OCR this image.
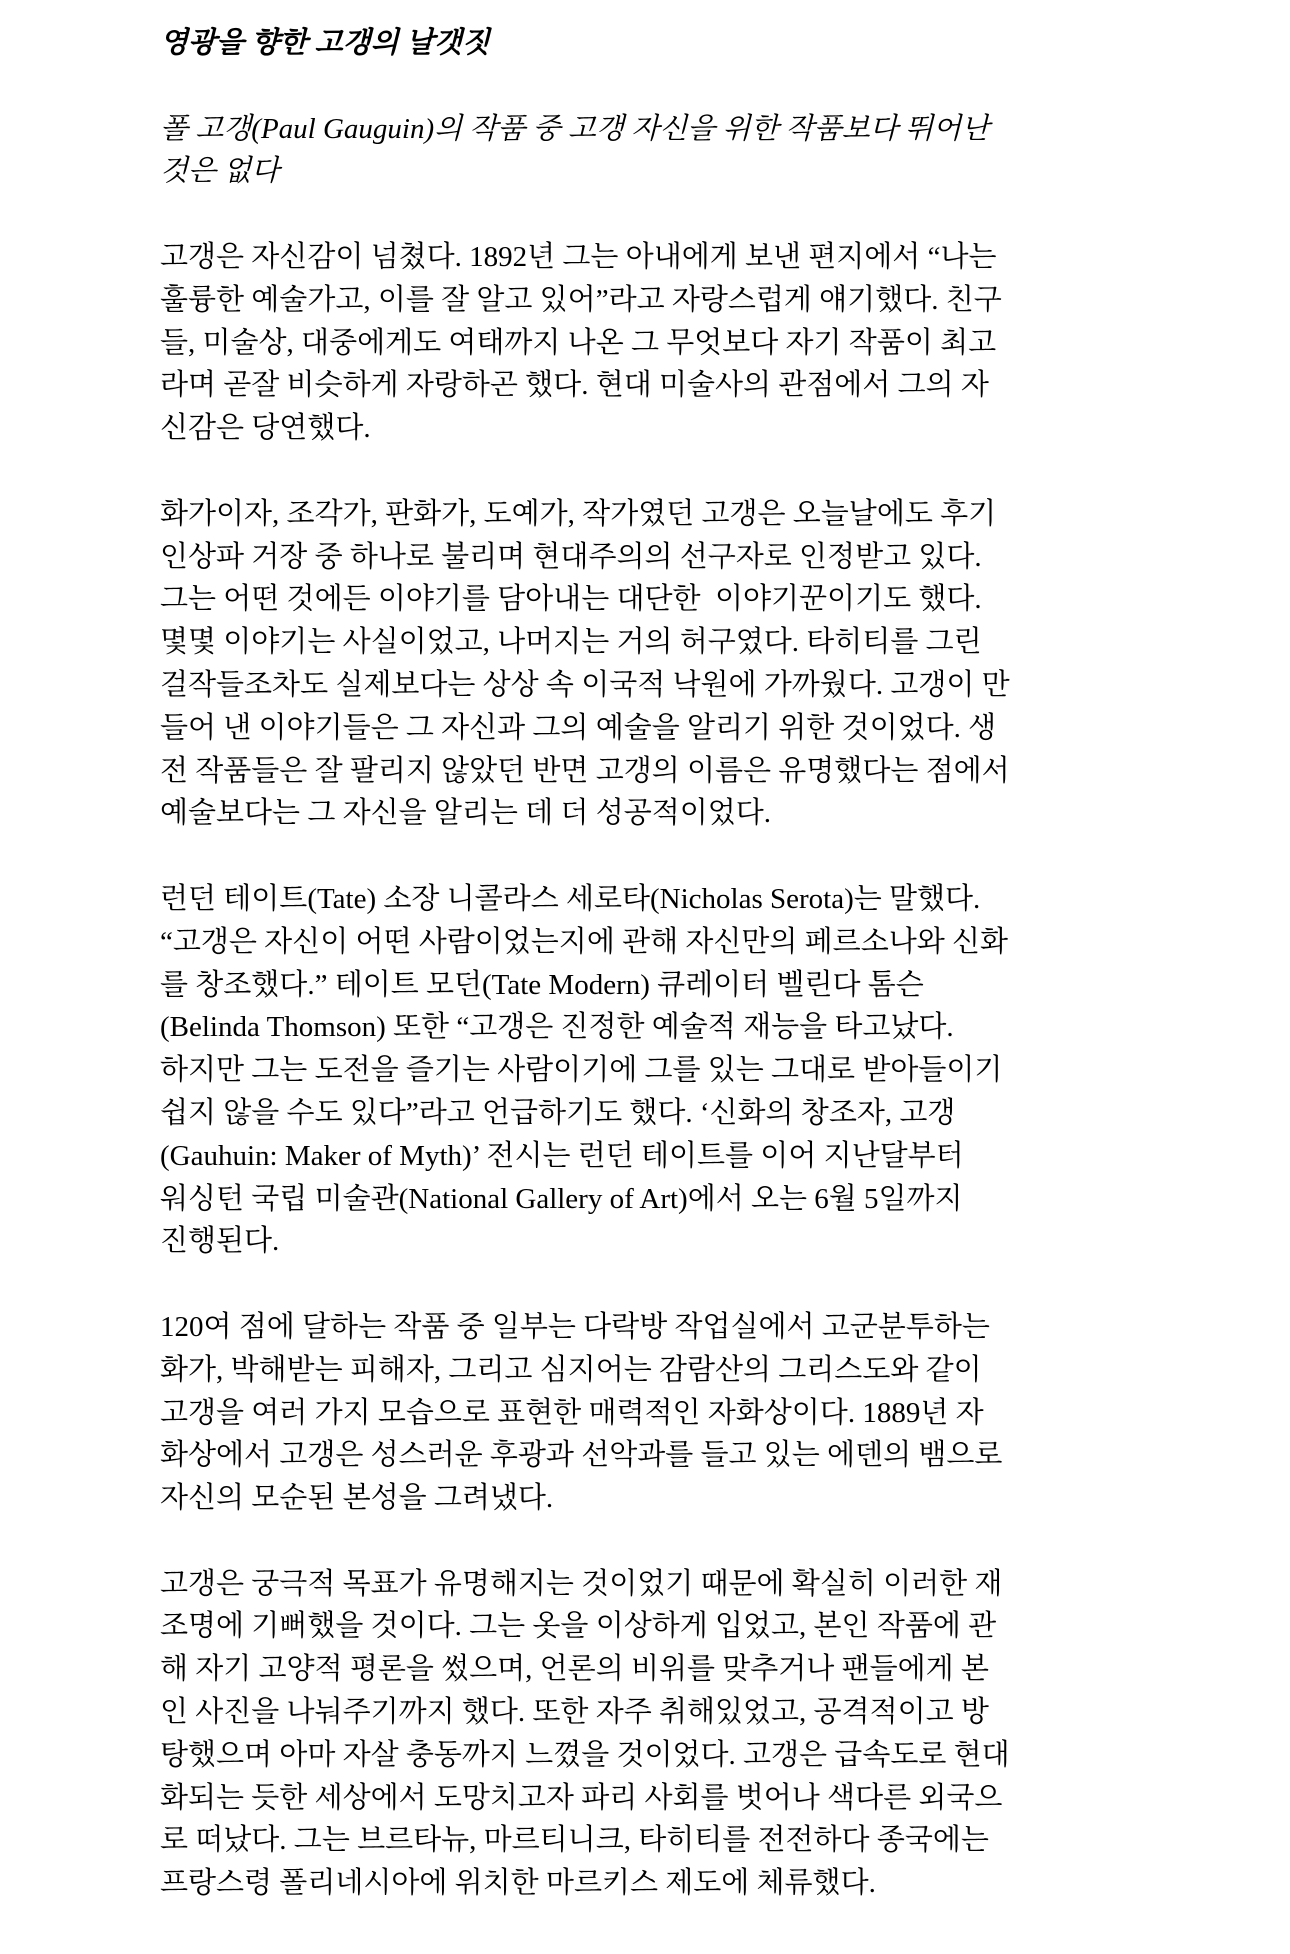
영광을 향한 고갱의 날갯짓
폴 고갱(Paul Gauguin)의 작품 중 고갱 자신을 위한 작품보다 뛰어난
것은 없다
고갱은 자신감이 넘쳤다. 1892년 그는 아내에게 보낸 편지에서 “나는
훌륭한 예술가고, 이를 잘 알고 있어”라고 자랑스럽게 얘기했다. 친구
들, 미술상, 대중에게도 여태까지 나온 그 무엇보다 자기 작품이 최고
라며 곧잘 비슷하게 자랑하곤 했다. 현대 미술사의 관점에서 그의 자
신감은 당연했다.
화가이자, 조각가, 판화가, 도예가, 작가였던 고갱은 오늘날에도 후기
인상파 거장 중 하나로 불리며 현대주의의 선구자로 인정받고 있다.
그는 어떤 것에든 이야기를 담아내는 대단한  이야기꾼이기도 했다.
몇몇 이야기는 사실이었고, 나머지는 거의 허구였다. 타히티를 그린
걸작들조차도 실제보다는 상상 속 이국적 낙원에 가까웠다. 고갱이 만
들어 낸 이야기들은 그 자신과 그의 예술을 알리기 위한 것이었다. 생
전 작품들은 잘 팔리지 않았던 반면 고갱의 이름은 유명했다는 점에서
예술보다는 그 자신을 알리는 데 더 성공적이었다.
런던 테이트(Tate) 소장 니콜라스 세로타(Nicholas Serota)는 말했다.
“고갱은 자신이 어떤 사람이었는지에 관해 자신만의 페르소나와 신화
를 창조했다.” 테이트 모던(Tate Modern) 큐레이터 벨린다 톰슨
(Belinda Thomson) 또한 “고갱은 진정한 예술적 재능을 타고났다.
하지만 그는 도전을 즐기는 사람이기에 그를 있는 그대로 받아들이기
쉽지 않을 수도 있다”라고 언급하기도 했다. ‘신화의 창조자, 고갱
(Gauhuin: Maker of Myth)’ 전시는 런던 테이트를 이어 지난달부터
워싱턴 국립 미술관(National Gallery of Art)에서 오는 6월 5일까지
진행된다.
120여 점에 달하는 작품 중 일부는 다락방 작업실에서 고군분투하는
화가, 박해받는 피해자, 그리고 심지어는 감람산의 그리스도와 같이
고갱을 여러 가지 모습으로 표현한 매력적인 자화상이다. 1889년 자
화상에서 고갱은 성스러운 후광과 선악과를 들고 있는 에덴의 뱀으로
자신의 모순된 본성을 그려냈다.
고갱은 궁극적 목표가 유명해지는 것이었기 때문에 확실히 이러한 재
조명에 기뻐했을 것이다. 그는 옷을 이상하게 입었고, 본인 작품에 관
해 자기 고양적 평론을 썼으며, 언론의 비위를 맞추거나 팬들에게 본
인 사진을 나눠주기까지 했다. 또한 자주 취해있었고, 공격적이고 방
탕했으며 아마 자살 충동까지 느꼈을 것이었다. 고갱은 급속도로 현대
화되는 듯한 세상에서 도망치고자 파리 사회를 벗어나 색다른 외국으
로 떠났다. 그는 브르타뉴, 마르티니크, 타히티를 전전하다 종국에는
프랑스령 폴리네시아에 위치한 마르키스 제도에 체류했다.
